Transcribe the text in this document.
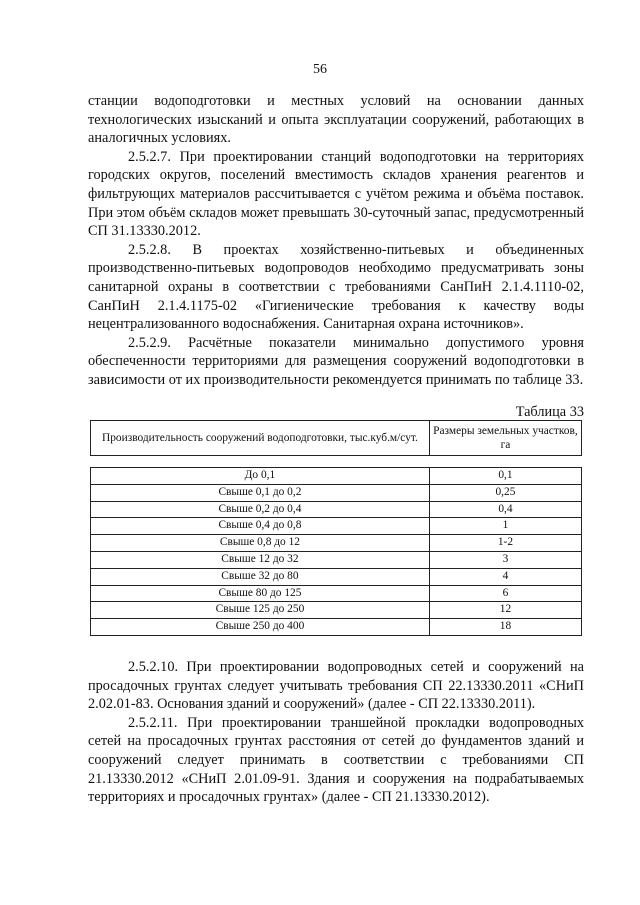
56

станции водоподготовки и местных условий на основании данных технологических изысканий и опыта эксплуатации сооружений, работающих в аналогичных условиях.

2.5.2.7. При проектировании станций водоподготовки на территориях городских округов, поселений вместимость складов хранения реагентов и фильтрующих материалов рассчитывается с учётом режима и объёма поставок. При этом объём складов может превышать 30-суточный запас, предусмотренный СП 31.13330.2012.

2.5.2.8. В проектах хозяйственно-питьевых и объединенных производственно-питьевых водопроводов необходимо предусматривать зоны санитарной охраны в соответствии с требованиями СанПиН 2.1.4.1110-02, СанПиН 2.1.4.1175-02 «Гигиенические требования к качеству воды нецентрализованного водоснабжения. Санитарная охрана источников».

2.5.2.9. Расчётные показатели минимально допустимого уровня обеспеченности территориями для размещения сооружений водоподготовки в зависимости от их производительности рекомендуется принимать по таблице 33.

Таблица 33
Производительность сооружений водоподготовки, тыс.куб.м/сут.	Размеры земельных участков, га
До 0,1	0,1
Свыше 0,1 до 0,2	0,25
Свыше 0,2 до 0,4	0,4
Свыше 0,4 до 0,8	1
Свыше 0,8 до 12	1-2
Свыше 12 до 32	3
Свыше 32 до 80	4
Свыше 80 до 125	6
Свыше 125 до 250	12
Свыше 250 до 400	18

2.5.2.10. При проектировании водопроводных сетей и сооружений на просадочных грунтах следует учитывать требования СП 22.13330.2011 «СНиП 2.02.01-83. Основания зданий и сооружений» (далее - СП 22.13330.2011).

2.5.2.11. При проектировании траншейной прокладки водопроводных сетей на просадочных грунтах расстояния от сетей до фундаментов зданий и сооружений следует принимать в соответствии с требованиями СП 21.13330.2012 «СНиП 2.01.09-91. Здания и сооружения на подрабатываемых территориях и просадочных грунтах» (далее - СП 21.13330.2012).
